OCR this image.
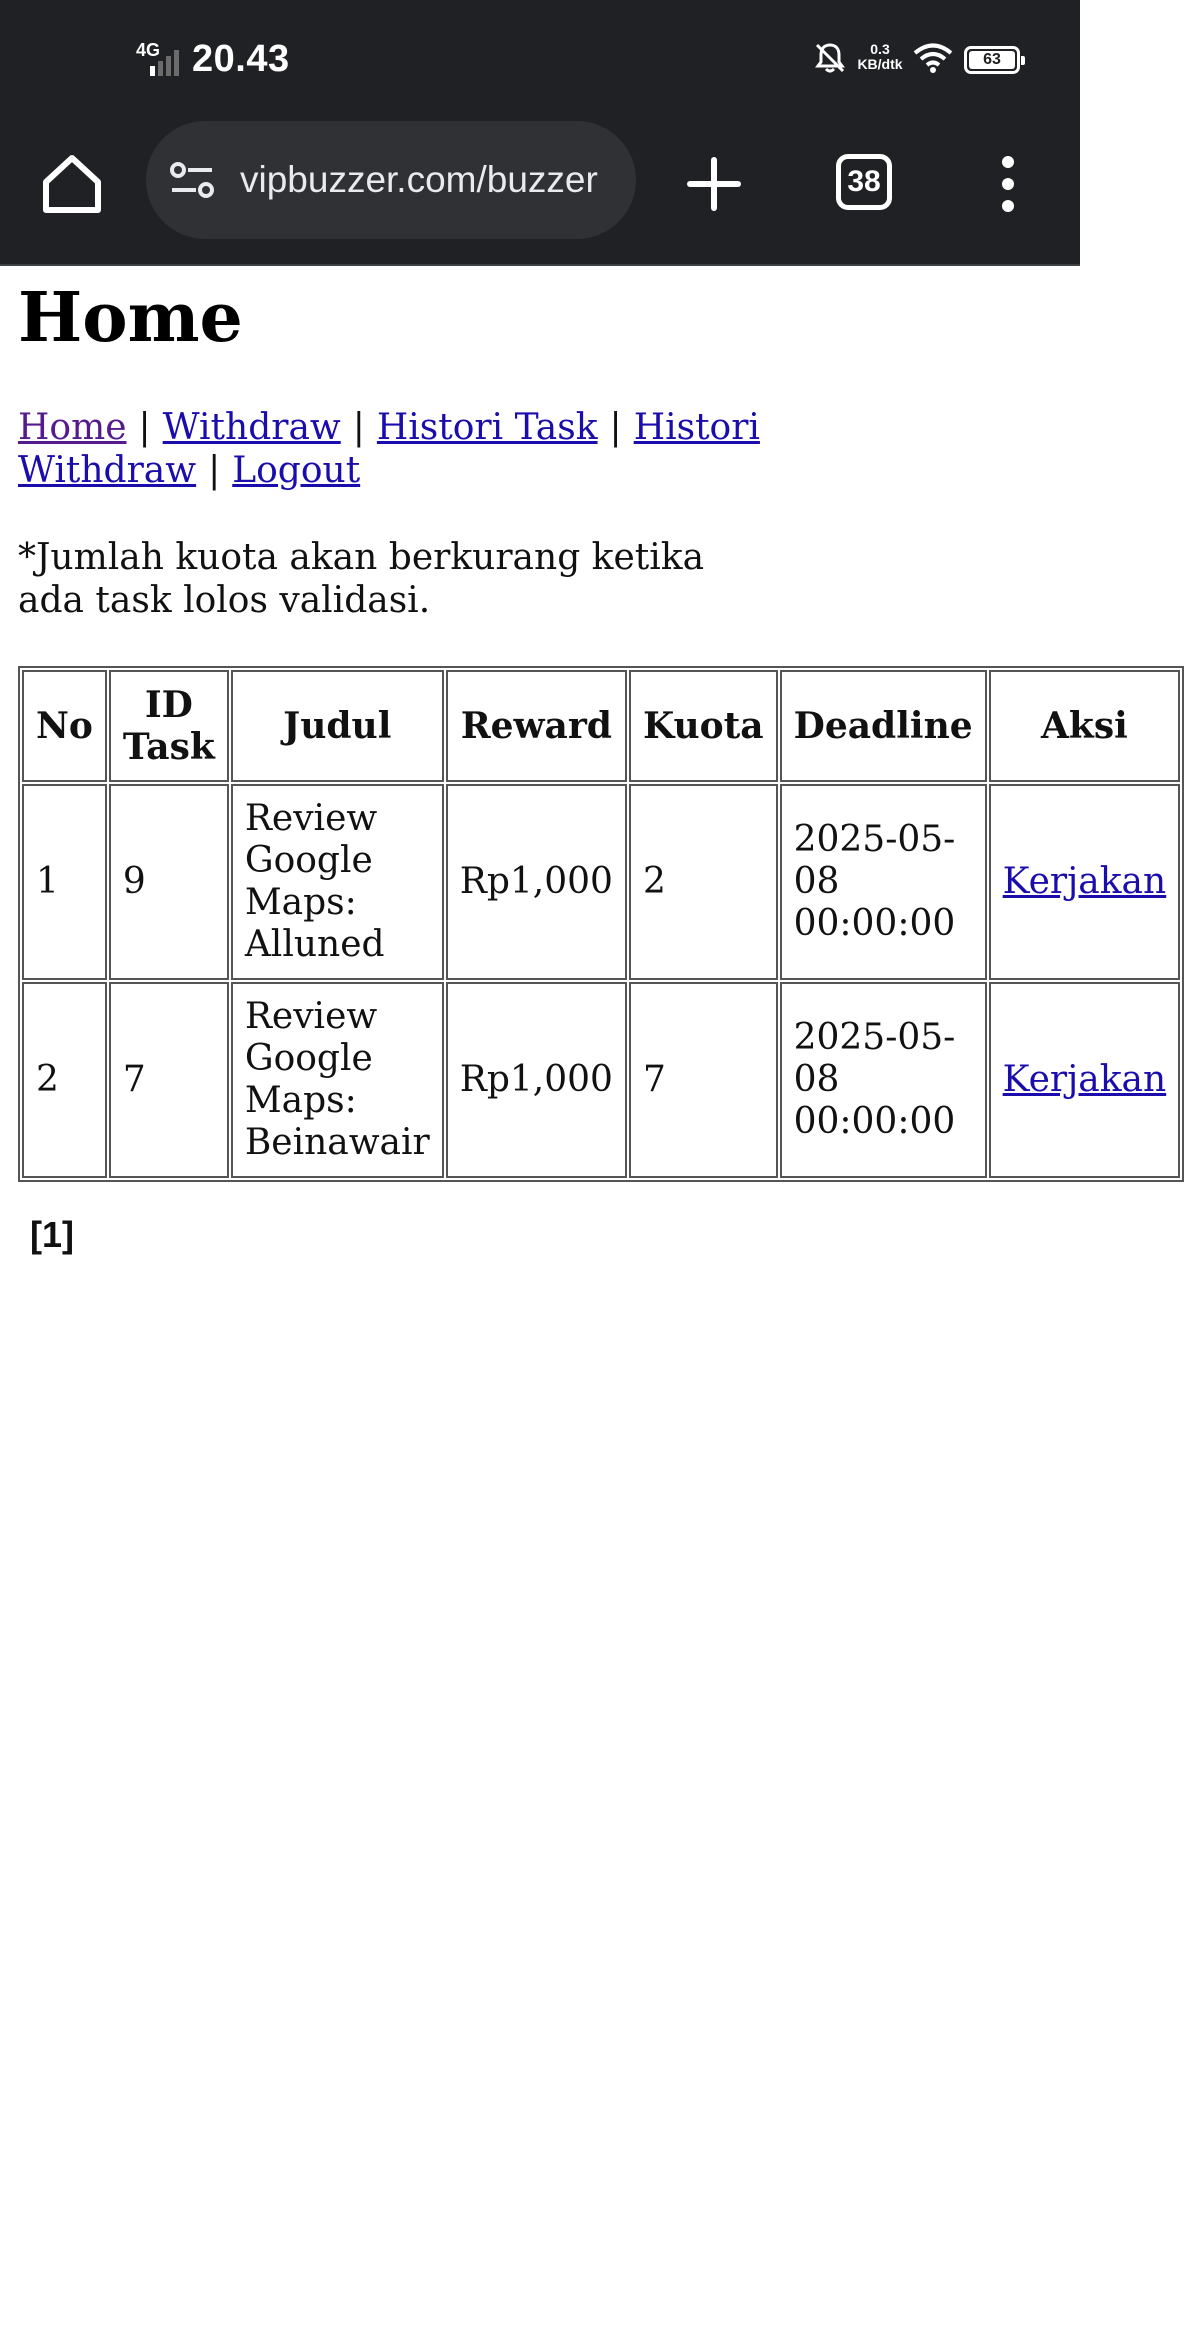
4G 20.43	0.3
KB/dtk	63
vipbuzzer.com/buzzer	38
Home
Home | Withdraw | Histori Task | Histori Withdraw | Logout
*Jumlah kuota akan berkurang ketika ada task lolos validasi.
No	ID Task	Judul	Reward	Kuota	Deadline	Aksi
1	9	Review Google Maps: Alluned	Rp1,000	2	2025-05-08 00:00:00	Kerjakan
2	7	Review Google Maps: Beinawair	Rp1,000	7	2025-05-08 00:00:00	Kerjakan
[1]
